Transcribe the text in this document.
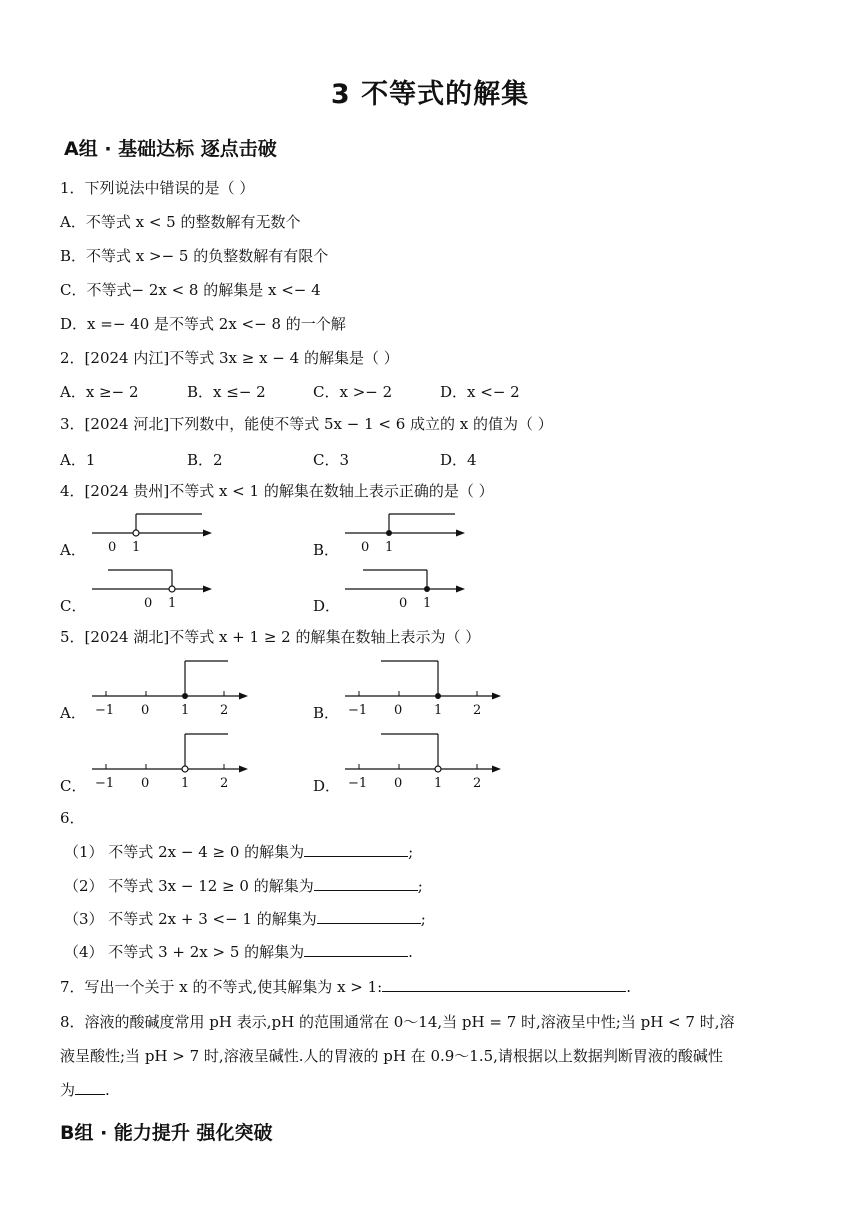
3 不等式的解集
A组 · 基础达标 逐点击破
1．下列说法中错误的是（ ）
A．不等式 x < 5 的整数解有无数个
B．不等式 x >− 5 的负整数解有有限个
C．不等式− 2x < 8 的解集是 x <− 4
D．x =− 40 是不等式 2x <− 8 的一个解
2．[2024 内江]不等式 3x ≥ x − 4 的解集是（ ）
A．x ≥− 2	B．x ≤− 2	C．x >− 2	D．x <− 2
3．[2024 河北]下列数中，能使不等式 5x − 1 < 6 成立的 x 的值为（ ）
A．1	B．2	C．3	D．4
4．[2024 贵州]不等式 x < 1 的解集在数轴上表示正确的是（ ）
A．	B．
C．	D．
0 1	0 1
0 1	0 1
5．[2024 湖北]不等式 x + 1 ≥ 2 的解集在数轴上表示为（ ）
A．	B．
C．	D．
−1 0 1 2	−1 0 1 2
−1 0 1 2	−1 0 1 2
6．
（1） 不等式 2x − 4 ≥ 0 的解集为	;
（2） 不等式 3x − 12 ≥ 0 的解集为	;
（3） 不等式 2x + 3 <− 1 的解集为	;
（4） 不等式 3 + 2x > 5 的解集为	.
7．写出一个关于 x 的不等式,使其解集为 x > 1:	.
8．溶液的酸碱度常用 pH 表示,pH 的范围通常在 0～14,当 pH = 7 时,溶液呈中性;当 pH < 7 时,溶
液呈酸性;当 pH > 7 时,溶液呈碱性.人的胃液的 pH 在 0.9～1.5,请根据以上数据判断胃液的酸碱性
为 .
B组 · 能力提升 强化突破
